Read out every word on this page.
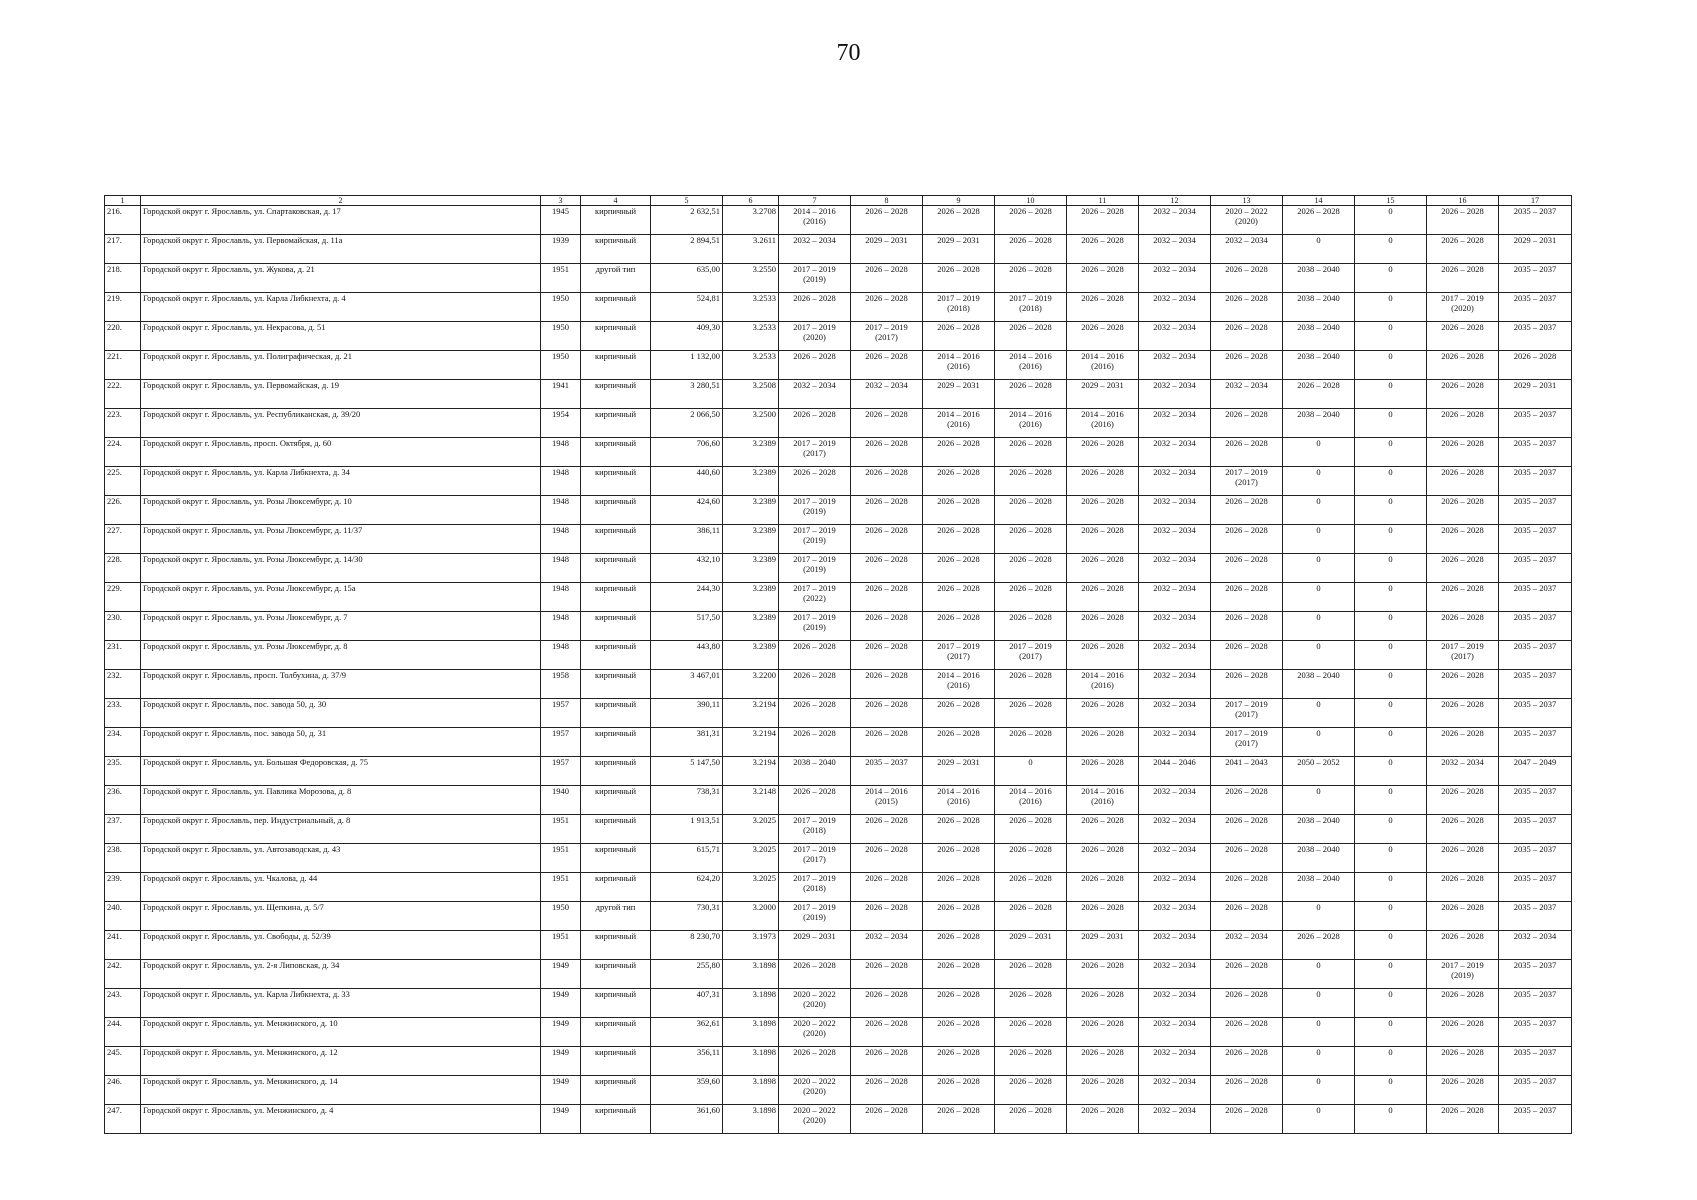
70
1	2	3	4	5	6	7	8	9	10	11	12	13	14	15	16	17
216.	Городской округ г. Ярославль, ул. Спартаковская, д. 17	1945	кирпичный	2 632,51	3.2708	2014 – 2016 (2016)	2026 – 2028	2026 – 2028	2026 – 2028	2026 – 2028	2032 – 2034	2020 – 2022 (2020)	2026 – 2028	0	2026 – 2028	2035 – 2037
217.	Городской округ г. Ярославль, ул. Первомайская, д. 11а	1939	кирпичный	2 894,51	3.2611	2032 – 2034	2029 – 2031	2029 – 2031	2026 – 2028	2026 – 2028	2032 – 2034	2032 – 2034	0	0	2026 – 2028	2029 – 2031
218.	Городской округ г. Ярославль, ул. Жукова, д. 21	1951	другой тип	635,00	3.2550	2017 – 2019 (2019)	2026 – 2028	2026 – 2028	2026 – 2028	2026 – 2028	2032 – 2034	2026 – 2028	2038 – 2040	0	2026 – 2028	2035 – 2037
219.	Городской округ г. Ярославль, ул. Карла Либкнехта, д. 4	1950	кирпичный	524,81	3.2533	2026 – 2028	2026 – 2028	2017 – 2019 (2018)	2017 – 2019 (2018)	2026 – 2028	2032 – 2034	2026 – 2028	2038 – 2040	0	2017 – 2019 (2020)	2035 – 2037
220.	Городской округ г. Ярославль, ул. Некрасова, д. 51	1950	кирпичный	409,30	3.2533	2017 – 2019 (2020)	2017 – 2019 (2017)	2026 – 2028	2026 – 2028	2026 – 2028	2032 – 2034	2026 – 2028	2038 – 2040	0	2026 – 2028	2035 – 2037
221.	Городской округ г. Ярославль, ул. Полиграфическая, д. 21	1950	кирпичный	1 132,00	3.2533	2026 – 2028	2026 – 2028	2014 – 2016 (2016)	2014 – 2016 (2016)	2014 – 2016 (2016)	2032 – 2034	2026 – 2028	2038 – 2040	0	2026 – 2028	2026 – 2028
222.	Городской округ г. Ярославль, ул. Первомайская, д. 19	1941	кирпичный	3 280,51	3.2508	2032 – 2034	2032 – 2034	2029 – 2031	2026 – 2028	2029 – 2031	2032 – 2034	2032 – 2034	2026 – 2028	0	2026 – 2028	2029 – 2031
223.	Городской округ г. Ярославль, ул. Республиканская, д. 39/20	1954	кирпичный	2 066,50	3.2500	2026 – 2028	2026 – 2028	2014 – 2016 (2016)	2014 – 2016 (2016)	2014 – 2016 (2016)	2032 – 2034	2026 – 2028	2038 – 2040	0	2026 – 2028	2035 – 2037
224.	Городской округ г. Ярославль, просп. Октября, д. 60	1948	кирпичный	706,60	3.2389	2017 – 2019 (2017)	2026 – 2028	2026 – 2028	2026 – 2028	2026 – 2028	2032 – 2034	2026 – 2028	0	0	2026 – 2028	2035 – 2037
225.	Городской округ г. Ярославль, ул. Карла Либкнехта, д. 34	1948	кирпичный	440,60	3.2389	2026 – 2028	2026 – 2028	2026 – 2028	2026 – 2028	2026 – 2028	2032 – 2034	2017 – 2019 (2017)	0	0	2026 – 2028	2035 – 2037
226.	Городской округ г. Ярославль, ул. Розы Люксембург, д. 10	1948	кирпичный	424,60	3.2389	2017 – 2019 (2019)	2026 – 2028	2026 – 2028	2026 – 2028	2026 – 2028	2032 – 2034	2026 – 2028	0	0	2026 – 2028	2035 – 2037
227.	Городской округ г. Ярославль, ул. Розы Люксембург, д. 11/37	1948	кирпичный	386,11	3.2389	2017 – 2019 (2019)	2026 – 2028	2026 – 2028	2026 – 2028	2026 – 2028	2032 – 2034	2026 – 2028	0	0	2026 – 2028	2035 – 2037
228.	Городской округ г. Ярославль, ул. Розы Люксембург, д. 14/30	1948	кирпичный	432,10	3.2389	2017 – 2019 (2019)	2026 – 2028	2026 – 2028	2026 – 2028	2026 – 2028	2032 – 2034	2026 – 2028	0	0	2026 – 2028	2035 – 2037
229.	Городской округ г. Ярославль, ул. Розы Люксембург, д. 15а	1948	кирпичный	244,30	3.2389	2017 – 2019 (2022)	2026 – 2028	2026 – 2028	2026 – 2028	2026 – 2028	2032 – 2034	2026 – 2028	0	0	2026 – 2028	2035 – 2037
230.	Городской округ г. Ярославль, ул. Розы Люксембург, д. 7	1948	кирпичный	517,50	3.2389	2017 – 2019 (2019)	2026 – 2028	2026 – 2028	2026 – 2028	2026 – 2028	2032 – 2034	2026 – 2028	0	0	2026 – 2028	2035 – 2037
231.	Городской округ г. Ярославль, ул. Розы Люксембург, д. 8	1948	кирпичный	443,80	3.2389	2026 – 2028	2026 – 2028	2017 – 2019 (2017)	2017 – 2019 (2017)	2026 – 2028	2032 – 2034	2026 – 2028	0	0	2017 – 2019 (2017)	2035 – 2037
232.	Городской округ г. Ярославль, просп. Толбухина, д. 37/9	1958	кирпичный	3 467,01	3.2200	2026 – 2028	2026 – 2028	2014 – 2016 (2016)	2026 – 2028	2014 – 2016 (2016)	2032 – 2034	2026 – 2028	2038 – 2040	0	2026 – 2028	2035 – 2037
233.	Городской округ г. Ярославль, пос. завода 50, д. 30	1957	кирпичный	390,11	3.2194	2026 – 2028	2026 – 2028	2026 – 2028	2026 – 2028	2026 – 2028	2032 – 2034	2017 – 2019 (2017)	0	0	2026 – 2028	2035 – 2037
234.	Городской округ г. Ярославль, пос. завода 50, д. 31	1957	кирпичный	381,31	3.2194	2026 – 2028	2026 – 2028	2026 – 2028	2026 – 2028	2026 – 2028	2032 – 2034	2017 – 2019 (2017)	0	0	2026 – 2028	2035 – 2037
235.	Городской округ г. Ярославль, ул. Большая Федоровская, д. 75	1957	кирпичный	5 147,50	3.2194	2038 – 2040	2035 – 2037	2029 – 2031	0	2026 – 2028	2044 – 2046	2041 – 2043	2050 – 2052	0	2032 – 2034	2047 – 2049
236.	Городской округ г. Ярославль, ул. Павлика Морозова, д. 8	1940	кирпичный	738,31	3.2148	2026 – 2028	2014 – 2016 (2015)	2014 – 2016 (2016)	2014 – 2016 (2016)	2014 – 2016 (2016)	2032 – 2034	2026 – 2028	0	0	2026 – 2028	2035 – 2037
237.	Городской округ г. Ярославль, пер. Индустриальный, д. 8	1951	кирпичный	1 913,51	3.2025	2017 – 2019 (2018)	2026 – 2028	2026 – 2028	2026 – 2028	2026 – 2028	2032 – 2034	2026 – 2028	2038 – 2040	0	2026 – 2028	2035 – 2037
238.	Городской округ г. Ярославль, ул. Автозаводская, д. 43	1951	кирпичный	615,71	3.2025	2017 – 2019 (2017)	2026 – 2028	2026 – 2028	2026 – 2028	2026 – 2028	2032 – 2034	2026 – 2028	2038 – 2040	0	2026 – 2028	2035 – 2037
239.	Городской округ г. Ярославль, ул. Чкалова, д. 44	1951	кирпичный	624,20	3.2025	2017 – 2019 (2018)	2026 – 2028	2026 – 2028	2026 – 2028	2026 – 2028	2032 – 2034	2026 – 2028	2038 – 2040	0	2026 – 2028	2035 – 2037
240.	Городской округ г. Ярославль, ул. Щепкина, д. 5/7	1950	другой тип	730,31	3.2000	2017 – 2019 (2019)	2026 – 2028	2026 – 2028	2026 – 2028	2026 – 2028	2032 – 2034	2026 – 2028	0	0	2026 – 2028	2035 – 2037
241.	Городской округ г. Ярославль, ул. Свободы, д. 52/39	1951	кирпичный	8 230,70	3.1973	2029 – 2031	2032 – 2034	2026 – 2028	2029 – 2031	2029 – 2031	2032 – 2034	2032 – 2034	2026 – 2028	0	2026 – 2028	2032 – 2034
242.	Городской округ г. Ярославль, ул. 2-я Липовская, д. 34	1949	кирпичный	255,80	3.1898	2026 – 2028	2026 – 2028	2026 – 2028	2026 – 2028	2026 – 2028	2032 – 2034	2026 – 2028	0	0	2017 – 2019 (2019)	2035 – 2037
243.	Городской округ г. Ярославль, ул. Карла Либкнехта, д. 33	1949	кирпичный	407,31	3.1898	2020 – 2022 (2020)	2026 – 2028	2026 – 2028	2026 – 2028	2026 – 2028	2032 – 2034	2026 – 2028	0	0	2026 – 2028	2035 – 2037
244.	Городской округ г. Ярославль, ул. Менжинского, д. 10	1949	кирпичный	362,61	3.1898	2020 – 2022 (2020)	2026 – 2028	2026 – 2028	2026 – 2028	2026 – 2028	2032 – 2034	2026 – 2028	0	0	2026 – 2028	2035 – 2037
245.	Городской округ г. Ярославль, ул. Менжинского, д. 12	1949	кирпичный	356,11	3.1898	2026 – 2028	2026 – 2028	2026 – 2028	2026 – 2028	2026 – 2028	2032 – 2034	2026 – 2028	0	0	2026 – 2028	2035 – 2037
246.	Городской округ г. Ярославль, ул. Менжинского, д. 14	1949	кирпичный	359,60	3.1898	2020 – 2022 (2020)	2026 – 2028	2026 – 2028	2026 – 2028	2026 – 2028	2032 – 2034	2026 – 2028	0	0	2026 – 2028	2035 – 2037
247.	Городской округ г. Ярославль, ул. Менжинского, д. 4	1949	кирпичный	361,60	3.1898	2020 – 2022 (2020)	2026 – 2028	2026 – 2028	2026 – 2028	2026 – 2028	2032 – 2034	2026 – 2028	0	0	2026 – 2028	2035 – 2037
